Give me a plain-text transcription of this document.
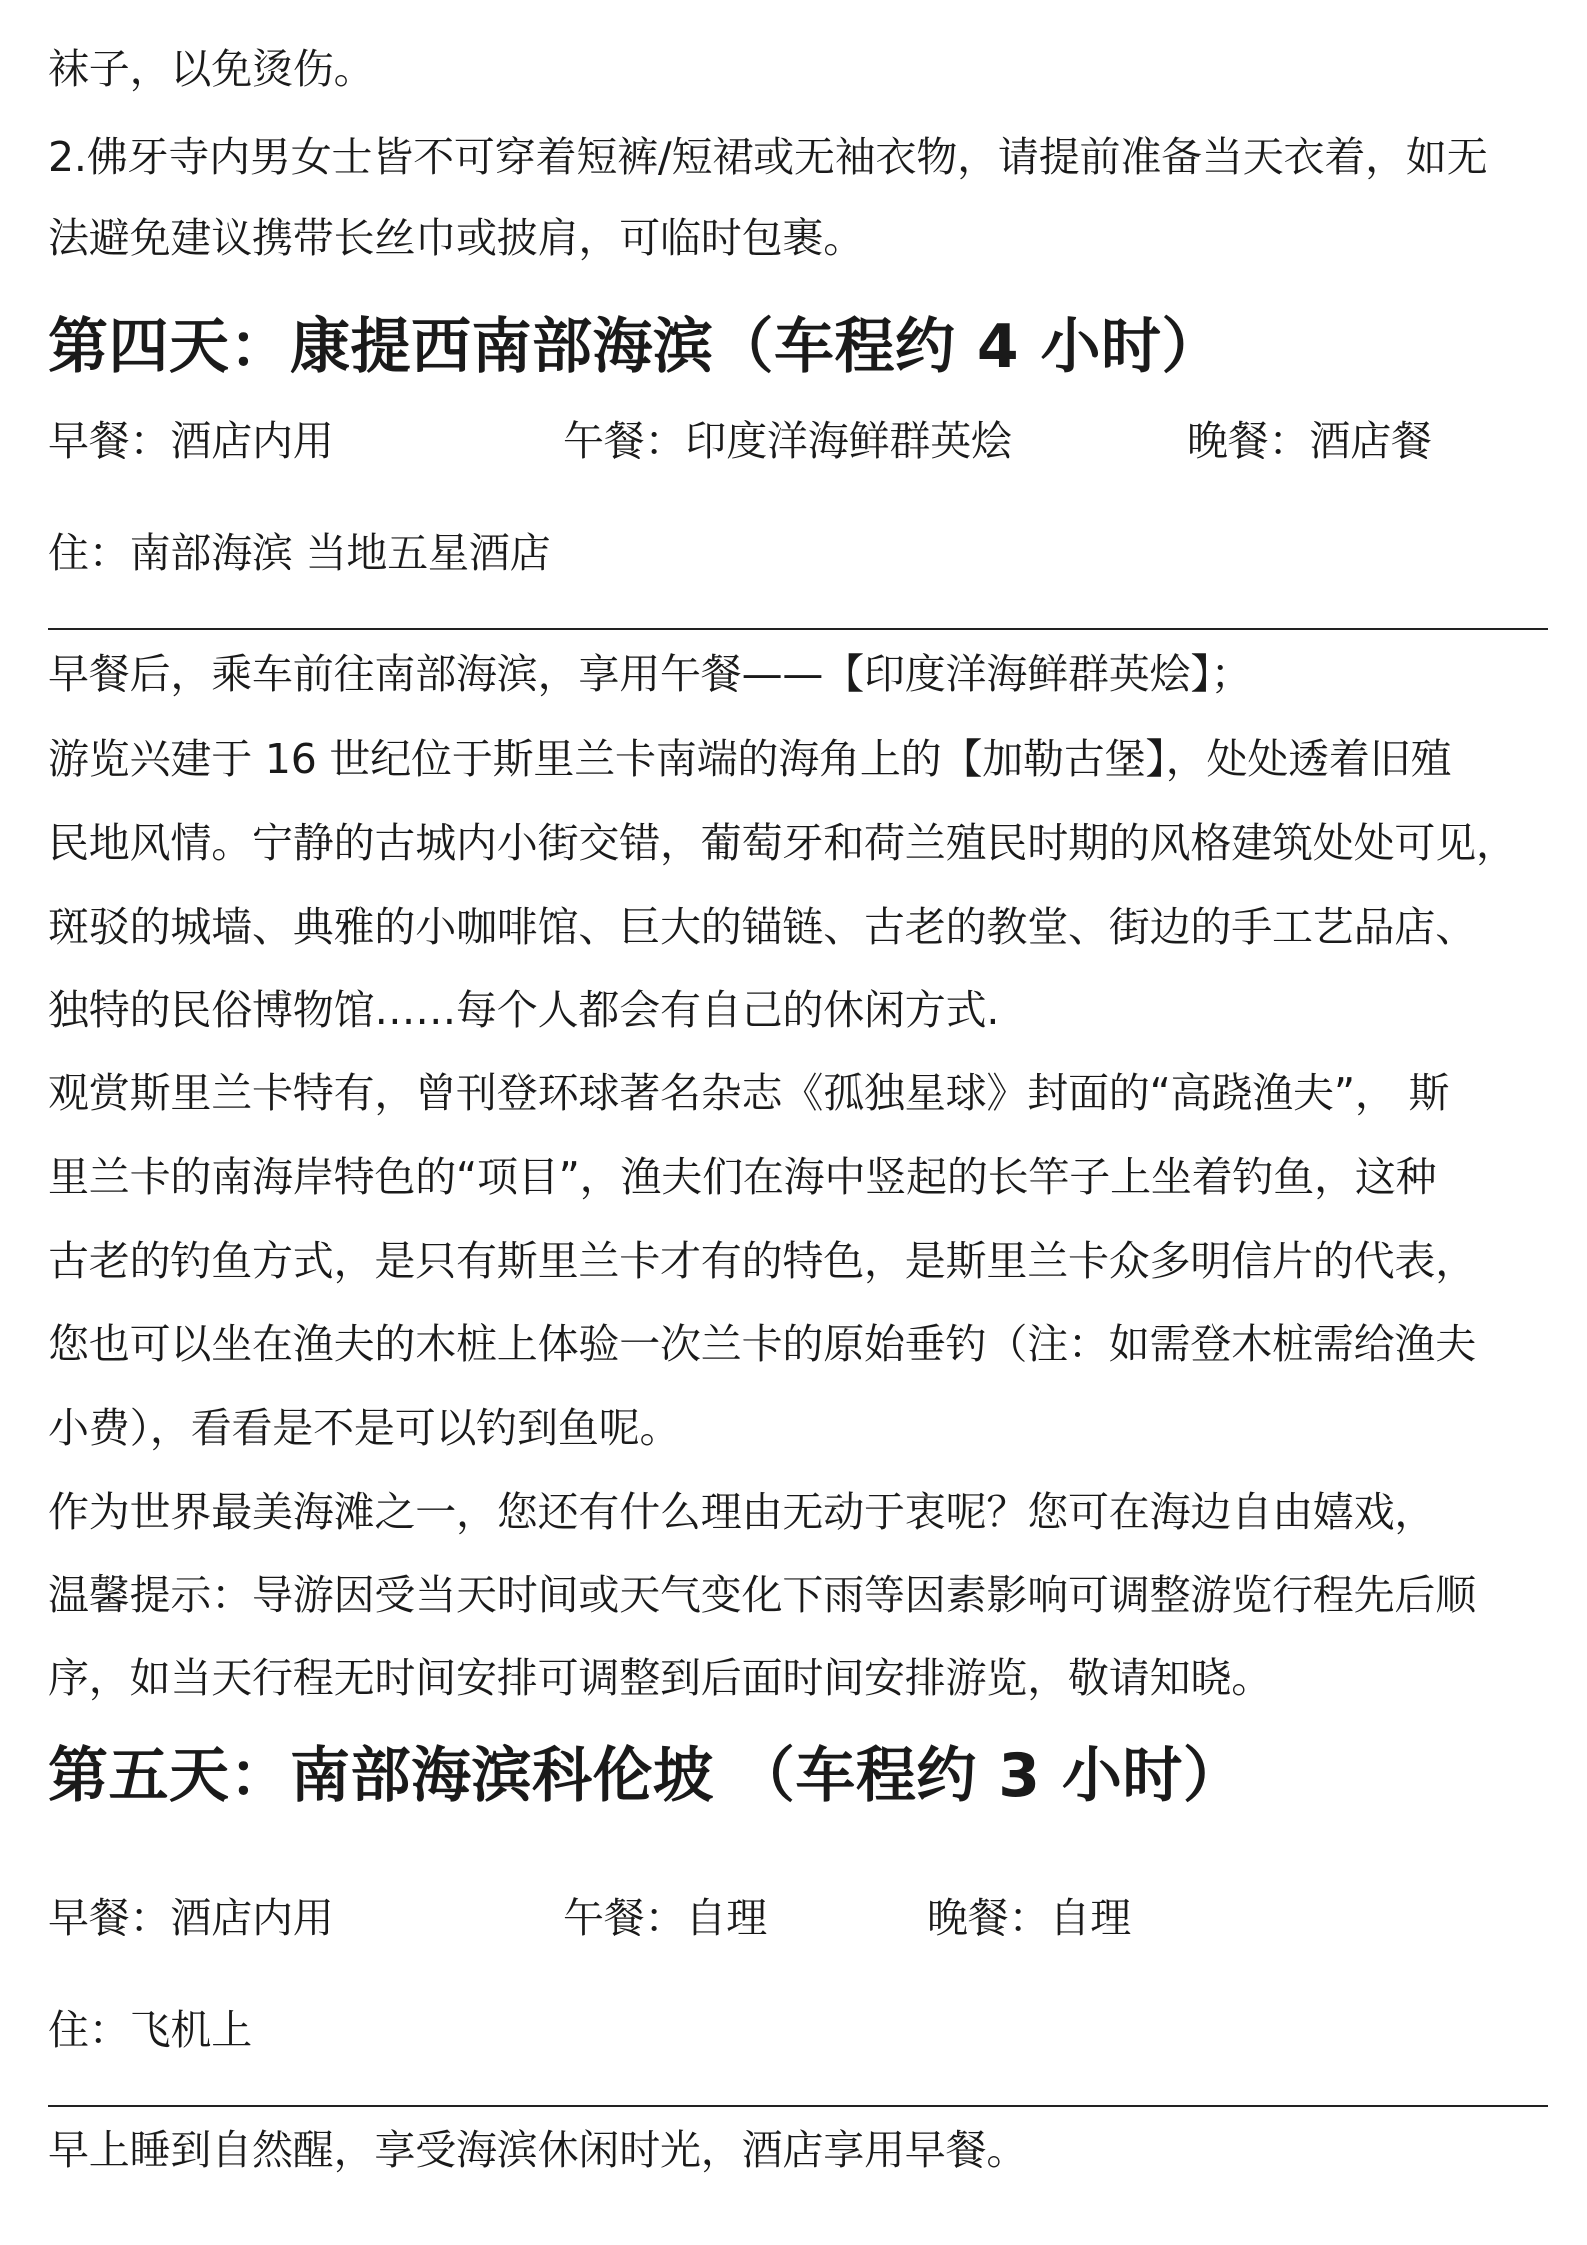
袜子，以免烫伤。
2.佛牙寺内男女士皆不可穿着短裤/短裙或无袖衣物，请提前准备当天衣着，如无
法避免建议携带长丝巾或披肩，可临时包裹。
第四天：康提西南部海滨（车程约 4 小时）
早餐：酒店内用	午餐：印度洋海鲜群英烩	晚餐：酒店餐
住：南部海滨 当地五星酒店
早餐后，乘车前往南部海滨，享用午餐——【印度洋海鲜群英烩】；
游览兴建于 16 世纪位于斯里兰卡南端的海角上的【加勒古堡】，处处透着旧殖
民地风情。宁静的古城内小街交错，葡萄牙和荷兰殖民时期的风格建筑处处可见，
斑驳的城墙、典雅的小咖啡馆、巨大的锚链、古老的教堂、街边的手工艺品店、
独特的民俗博物馆……每个人都会有自己的休闲方式.
观赏斯里兰卡特有，曾刊登环球著名杂志《孤独星球》封面的“高跷渔夫”， 斯
里兰卡的南海岸特色的“项目”，渔夫们在海中竖起的长竿子上坐着钓鱼，这种
古老的钓鱼方式，是只有斯里兰卡才有的特色，是斯里兰卡众多明信片的代表，
您也可以坐在渔夫的木桩上体验一次兰卡的原始垂钓（注：如需登木桩需给渔夫
小费），看看是不是可以钓到鱼呢。
作为世界最美海滩之一，您还有什么理由无动于衷呢？您可在海边自由嬉戏，
温馨提示：导游因受当天时间或天气变化下雨等因素影响可调整游览行程先后顺
序，如当天行程无时间安排可调整到后面时间安排游览，敬请知晓。
第五天：南部海滨科伦坡 （车程约 3 小时）
早餐：酒店内用	午餐：自理	晚餐：自理
住：飞机上
早上睡到自然醒，享受海滨休闲时光，酒店享用早餐。
